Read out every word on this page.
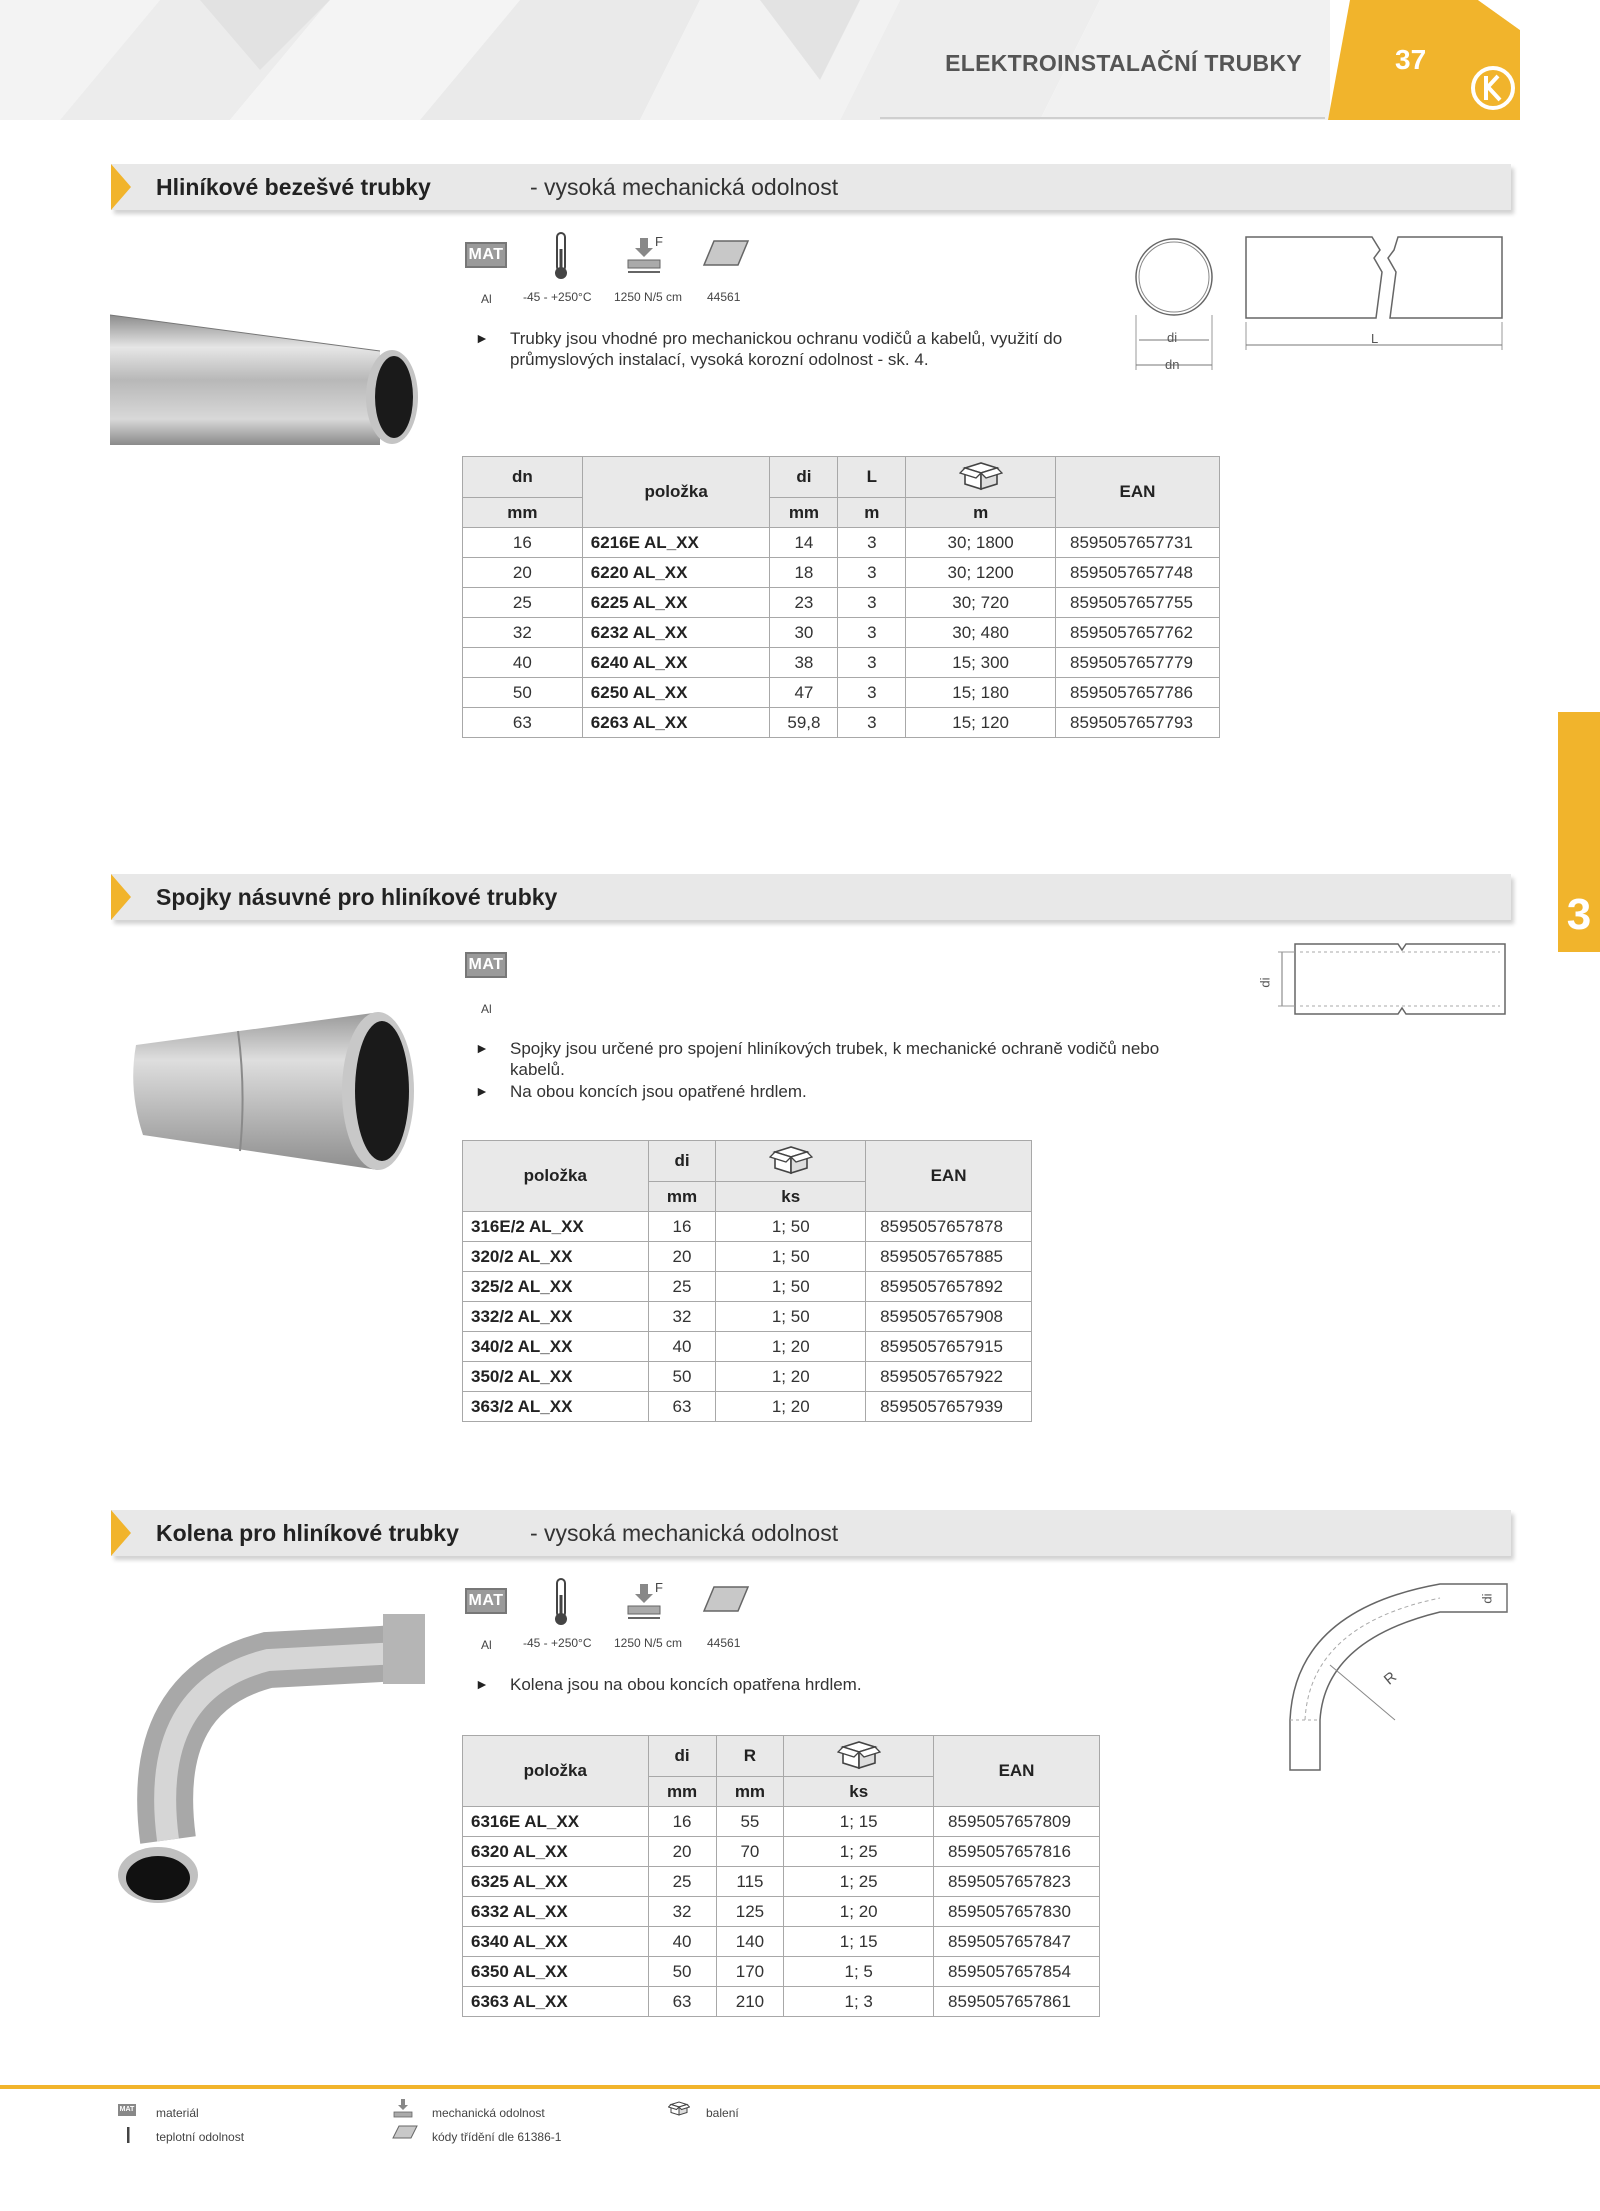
ELEKTROINSTALAČNÍ TRUBKY	37
3
Hliníkové bezešvé trubky	- vysoká mechanická odolnost
MAT
F
Al	-45 - +250°C 1250 N/5 cm 44561
► Trubky jsou vhodné pro mechanickou ochranu vodičů a kabelů, využití do průmyslových instalací, vysoká korozní odolnost - sk. 4.
di
dn
L
dn	položka	di	L		EAN
mm		mm	m	m	
16	6216E AL_XX	14	3	30; 1800	8595057657731
20	6220 AL_XX	18	3	30; 1200	8595057657748
25	6225 AL_XX	23	3	30; 720	8595057657755
32	6232 AL_XX	30	3	30; 480	8595057657762
40	6240 AL_XX	38	3	15; 300	8595057657779
50	6250 AL_XX	47	3	15; 180	8595057657786
63	6263 AL_XX	59,8	3	15; 120	8595057657793
Spojky násuvné pro hliníkové trubky
MAT
Al
► Spojky jsou určené pro spojení hliníkových trubek, k mechanické ochraně vodičů nebo kabelů.
► Na obou koncích jsou opatřené hrdlem.
di
položka	di		EAN
	mm	ks	
316E/2 AL_XX	16	1; 50	8595057657878
320/2 AL_XX	20	1; 50	8595057657885
325/2 AL_XX	25	1; 50	8595057657892
332/2 AL_XX	32	1; 50	8595057657908
340/2 AL_XX	40	1; 20	8595057657915
350/2 AL_XX	50	1; 20	8595057657922
363/2 AL_XX	63	1; 20	8595057657939
Kolena pro hliníkové trubky	- vysoká mechanická odolnost
MAT
F
Al	-45 - +250°C 1250 N/5 cm 44561
► Kolena jsou na obou koncích opatřena hrdlem.
di
R
položka	di	R		EAN
	mm	mm	ks	
6316E AL_XX	16	55	1; 15	8595057657809
6320 AL_XX	20	70	1; 25	8595057657816
6325 AL_XX	25	115	1; 25	8595057657823
6332 AL_XX	32	125	1; 20	8595057657830
6340 AL_XX	40	140	1; 15	8595057657847
6350 AL_XX	50	170	1; 5	8595057657854
6363 AL_XX	63	210	1; 3	8595057657861
MAT materiál
teplotní odolnost
mechanická odolnost
kódy třídění dle 61386-1
balení
